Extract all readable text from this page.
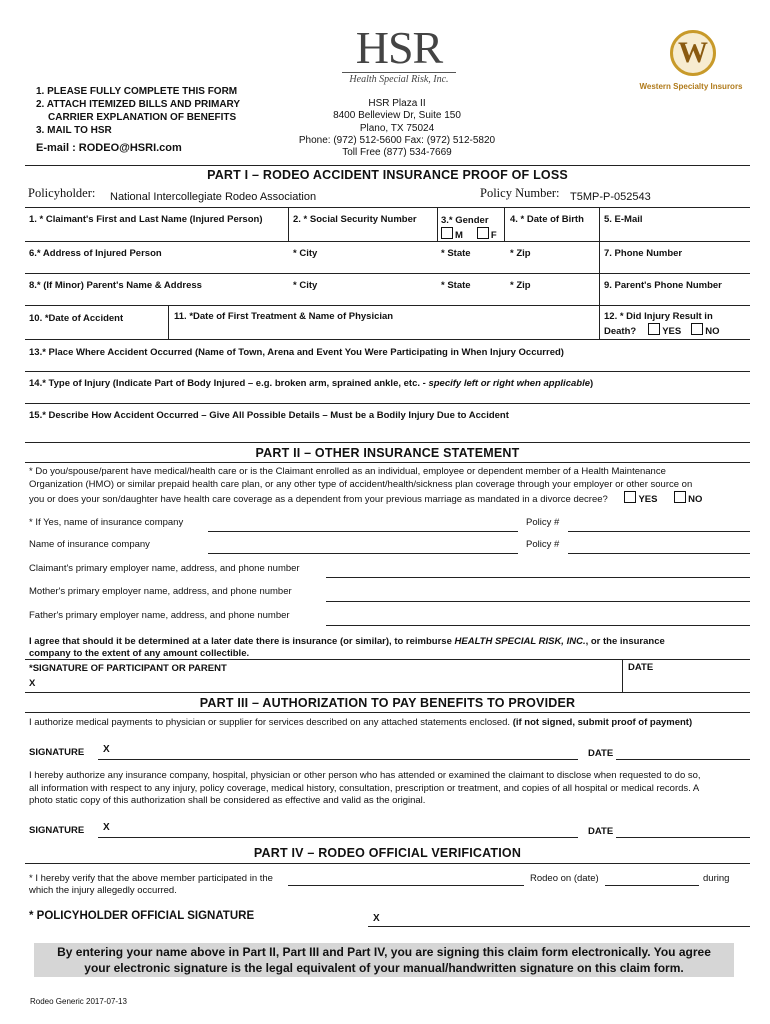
HSR
Health Special Risk, Inc.
W
Western Specialty Insurors
1. PLEASE FULLY COMPLETE THIS FORM
2. ATTACH ITEMIZED BILLS AND PRIMARY
CARRIER EXPLANATION OF BENEFITS
3. MAIL TO HSR
E-mail : RODEO@HSRI.com
HSR Plaza II
8400 Belleview Dr, Suite 150
Plano, TX 75024
Phone: (972) 512-5600 Fax: (972) 512-5820
Toll Free (877) 534-7669
PART I – RODEO ACCIDENT INSURANCE PROOF OF LOSS
Policyholder: National Intercollegiate Rodeo Association	Policy Number: T5MP-P-052543
1. * Claimant's First and Last Name (Injured Person)	2. * Social Security Number	3.* Gender
M	F
4. * Date of Birth 5. E-Mail
6.* Address of Injured Person	* City	* State	* Zip	7. Phone Number
8.* (If Minor) Parent's Name & Address	* City	* State	* Zip	9. Parent's Phone Number
10. *Date of Accident	11. *Date of First Treatment & Name of Physician	12. * Did Injury Result in
Death?	YES	NO
13.* Place Where Accident Occurred (Name of Town, Arena and Event You Were Participating in When Injury Occurred)
14.* Type of Injury (Indicate Part of Body Injured – e.g. broken arm, sprained ankle, etc. - specify left or right when applicable)
15.* Describe How Accident Occurred – Give All Possible Details – Must be a Bodily Injury Due to Accident
PART II – OTHER INSURANCE STATEMENT
* Do you/spouse/parent have medical/health care or is the Claimant enrolled as an individual, employee or dependent member of a Health Maintenance
Organization (HMO) or similar prepaid health care plan, or any other type of accident/health/sickness plan coverage through your employer or other source on
you or does your son/daughter have health care coverage as a dependent from your previous marriage as mandated in a divorce decree?	YES	NO
* If Yes, name of insurance company	Policy #
Name of insurance company	Policy #
Claimant's primary employer name, address, and phone number
Mother's primary employer name, address, and phone number
Father's primary employer name, address, and phone number
I agree that should it be determined at a later date there is insurance (or similar), to reimburse HEALTH SPECIAL RISK, INC., or the insurance
company to the extent of any amount collectible.
*SIGNATURE OF PARTICIPANT OR PARENT
X
DATE
PART III – AUTHORIZATION TO PAY BENEFITS TO PROVIDER
I authorize medical payments to physician or supplier for services described on any attached statements enclosed. (if not signed, submit proof of payment)
SIGNATURE X	DATE
I hereby authorize any insurance company, hospital, physician or other person who has attended or examined the claimant to disclose when requested to do so,
all information with respect to any injury, policy coverage, medical history, consultation, prescription or treatment, and copies of all hospital or medical records. A
photo static copy of this authorization shall be considered as effective and valid as the original.
SIGNATURE X	DATE
PART IV – RODEO OFFICIAL VERIFICATION
* I hereby verify that the above member participated in the	Rodeo on (date)	during
which the injury allegedly occurred.
* POLICYHOLDER OFFICIAL SIGNATURE	X
By entering your name above in Part II, Part III and Part IV, you are signing this claim form electronically. You agree
your electronic signature is the legal equivalent of your manual/handwritten signature on this claim form.
Rodeo Generic 2017-07-13
